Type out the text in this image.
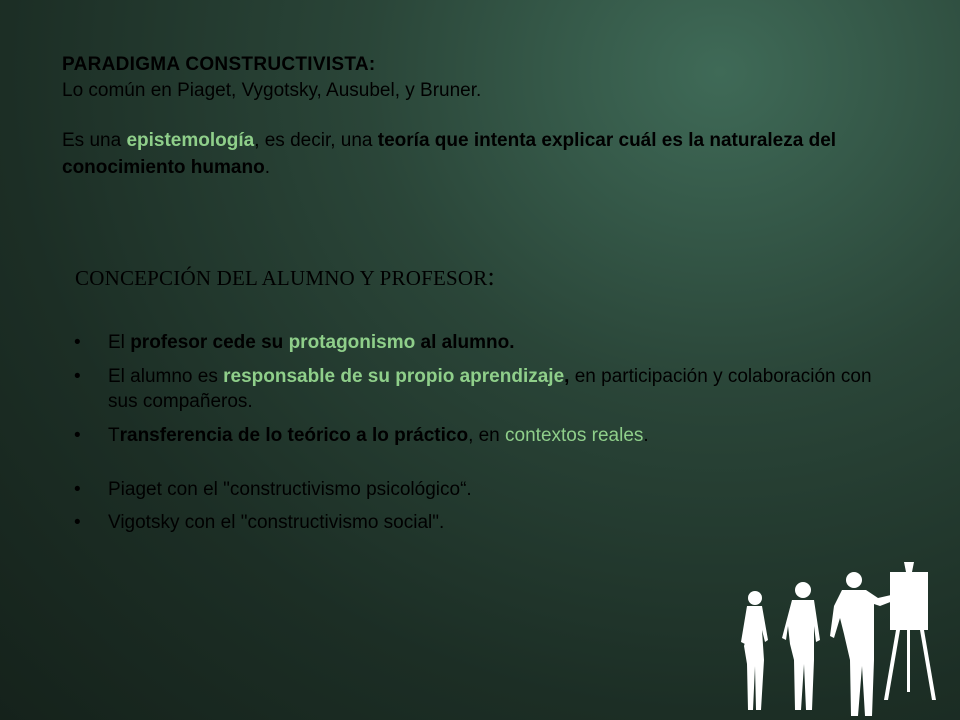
PARADIGMA CONSTRUCTIVISTA:
Lo común en Piaget, Vygotsky, Ausubel, y Bruner.
Es una epistemología, es decir, una teoría que intenta explicar cuál es la naturaleza del conocimiento humano.
CONCEPCIÓN DEL ALUMNO Y PROFESOR:
• El profesor cede su protagonismo al alumno.
• El alumno es responsable de su propio aprendizaje, en participación y colaboración con sus compañeros.
• Transferencia de lo teórico a lo práctico, en contextos reales.
• Piaget con el "constructivismo psicológico“.
• Vigotsky con el "constructivismo social".
